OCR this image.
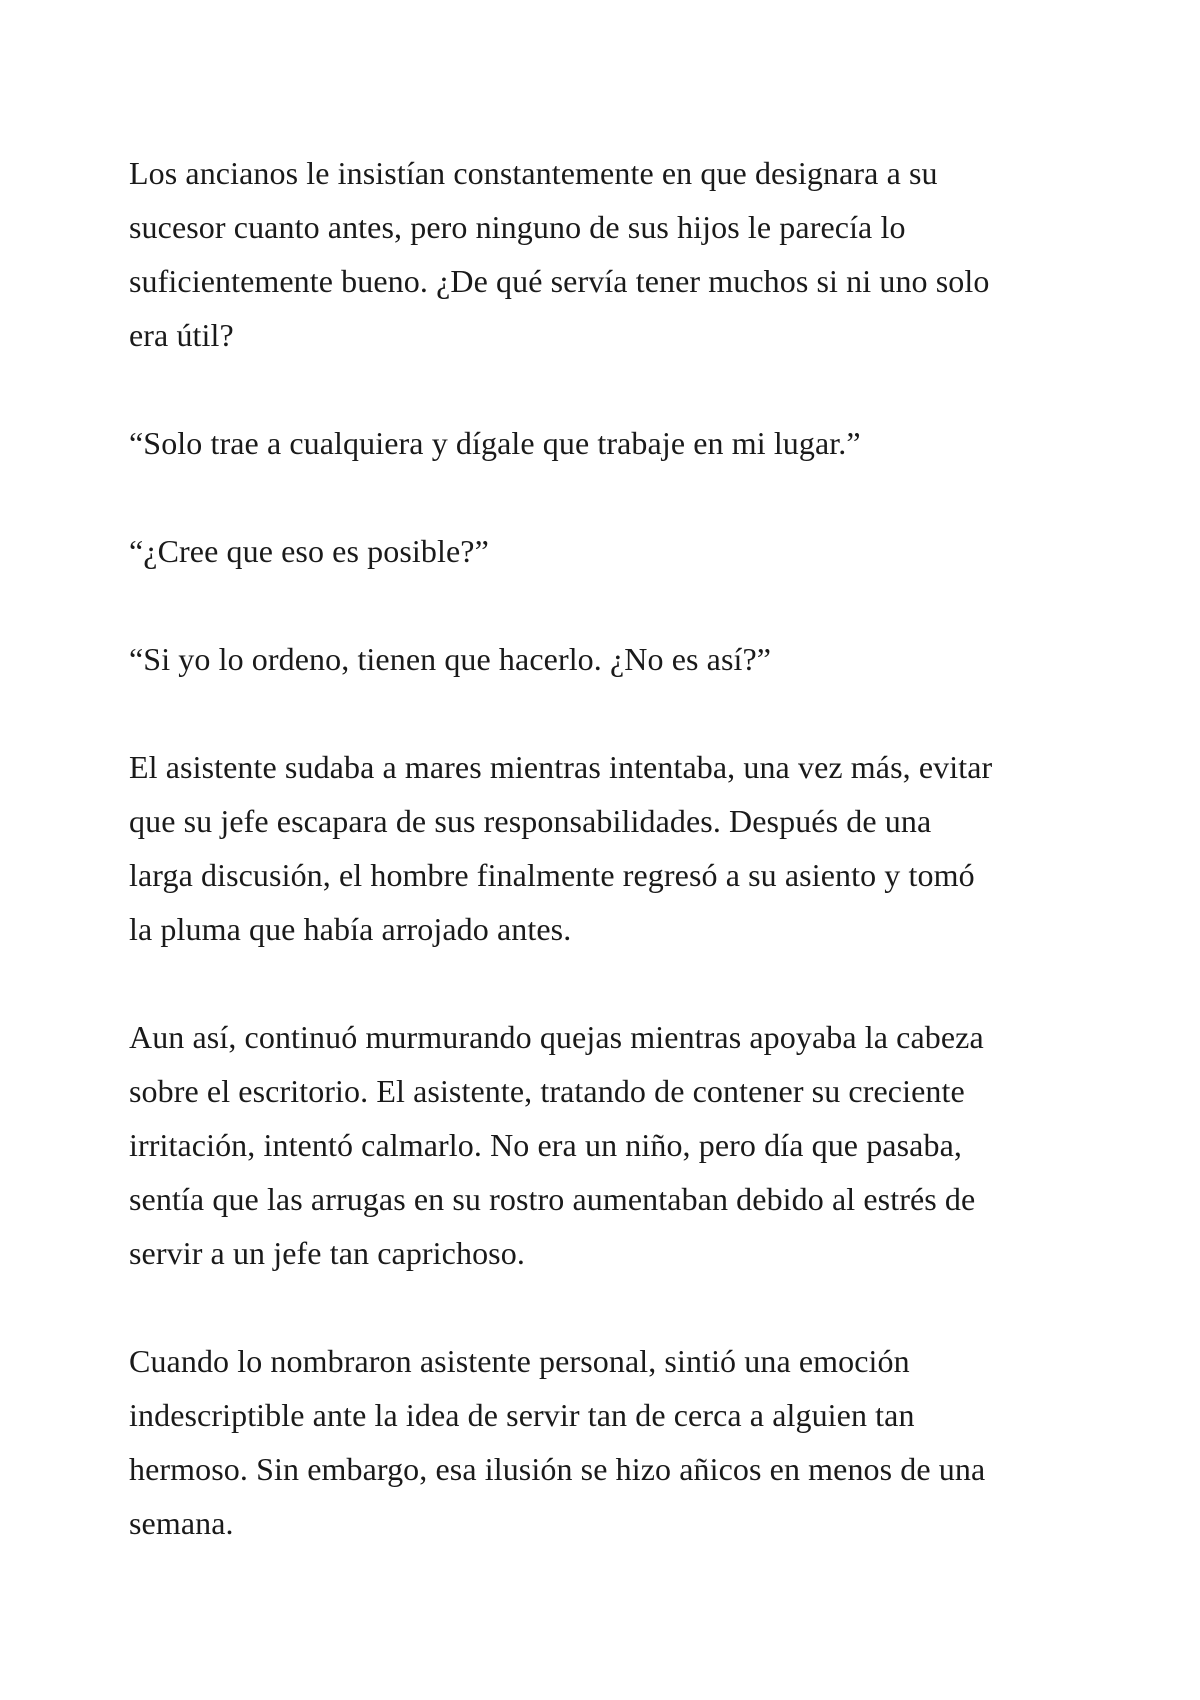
Los ancianos le insistían constantemente en que designara a su
sucesor cuanto antes, pero ninguno de sus hijos le parecía lo
suficientemente bueno. ¿De qué servía tener muchos si ni uno solo
era útil?

“Solo trae a cualquiera y dígale que trabaje en mi lugar.”

“¿Cree que eso es posible?”

“Si yo lo ordeno, tienen que hacerlo. ¿No es así?”

El asistente sudaba a mares mientras intentaba, una vez más, evitar
que su jefe escapara de sus responsabilidades. Después de una
larga discusión, el hombre finalmente regresó a su asiento y tomó
la pluma que había arrojado antes.

Aun así, continuó murmurando quejas mientras apoyaba la cabeza
sobre el escritorio. El asistente, tratando de contener su creciente
irritación, intentó calmarlo. No era un niño, pero día que pasaba,
sentía que las arrugas en su rostro aumentaban debido al estrés de
servir a un jefe tan caprichoso.

Cuando lo nombraron asistente personal, sintió una emoción
indescriptible ante la idea de servir tan de cerca a alguien tan
hermoso. Sin embargo, esa ilusión se hizo añicos en menos de una
semana.
